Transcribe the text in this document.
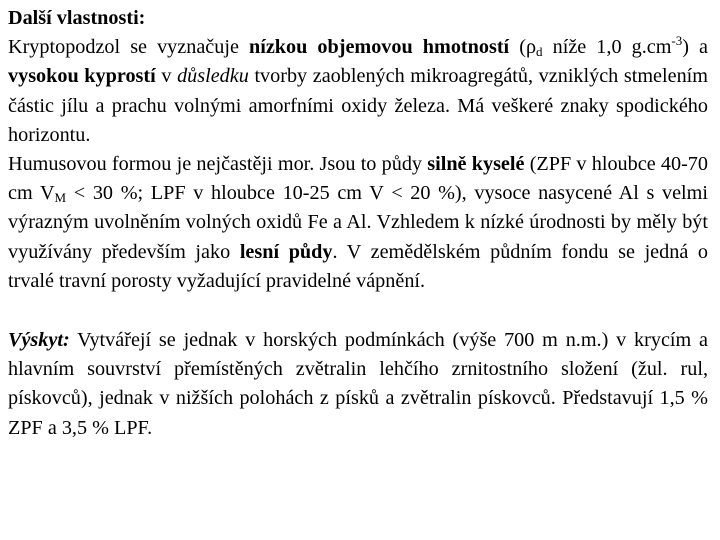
Další vlastnosti:

Kryptopodzol se vyznačuje nízkou objemovou hmotností ($\rho_d$ níže 1,0 $g.cm^{-3}$) a vysokou kyprostí v důsledku tvorby zaoblených mikroagregátů, vzniklých stmelením částic jílu a prachu volnými amorfními oxidy železa. Má veškeré znaky spodického horizontu.

Humusovou formou je nejčastěji mor. Jsou to půdy silně kyselé (ZPF v hloubce 40-70 cm $V_M < 30$ %; LPF v hloubce 10-25 cm V < 20 %), vysoce nasycené Al s velmi výrazným uvolněním volných oxidů Fe a Al. Vzhledem k nízké úrodnosti by měly být využívány především jako lesní půdy. V zemědělském půdním fondu se jedná o trvalé travní porosty vyžadující pravidelné vápnění.

Výskyt: Vytvářejí se jednak v horských podmínkách (výše 700 m n.m.) v krycím a hlavním souvrství přemístěných zvětralin lehčího zrnitostního složení (žul. rul, pískovců), jednak v nižších polohách z písků a zvětralin pískovců. Představují 1,5 % ZPF a 3,5 % LPF.
